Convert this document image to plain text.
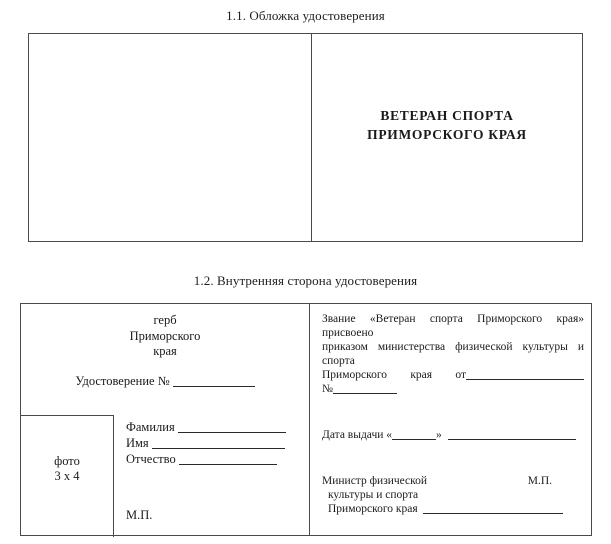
1.1. Обложка удостоверения
ВЕТЕРАН СПОРТА
ПРИМОРСКОГО КРАЯ
1.2. Внутренняя сторона удостоверения
герб
Приморского
края
Удостоверение №
фото
3 х 4
Фамилия
Имя
Отчество
М.П.
Звание «Ветеран спорта Приморского края» присвоено
приказом министерства физической культуры и спорта
Приморского края от
№
Дата выдачи «	»
Министр физической	М.П.
культуры и спорта
Приморского края
